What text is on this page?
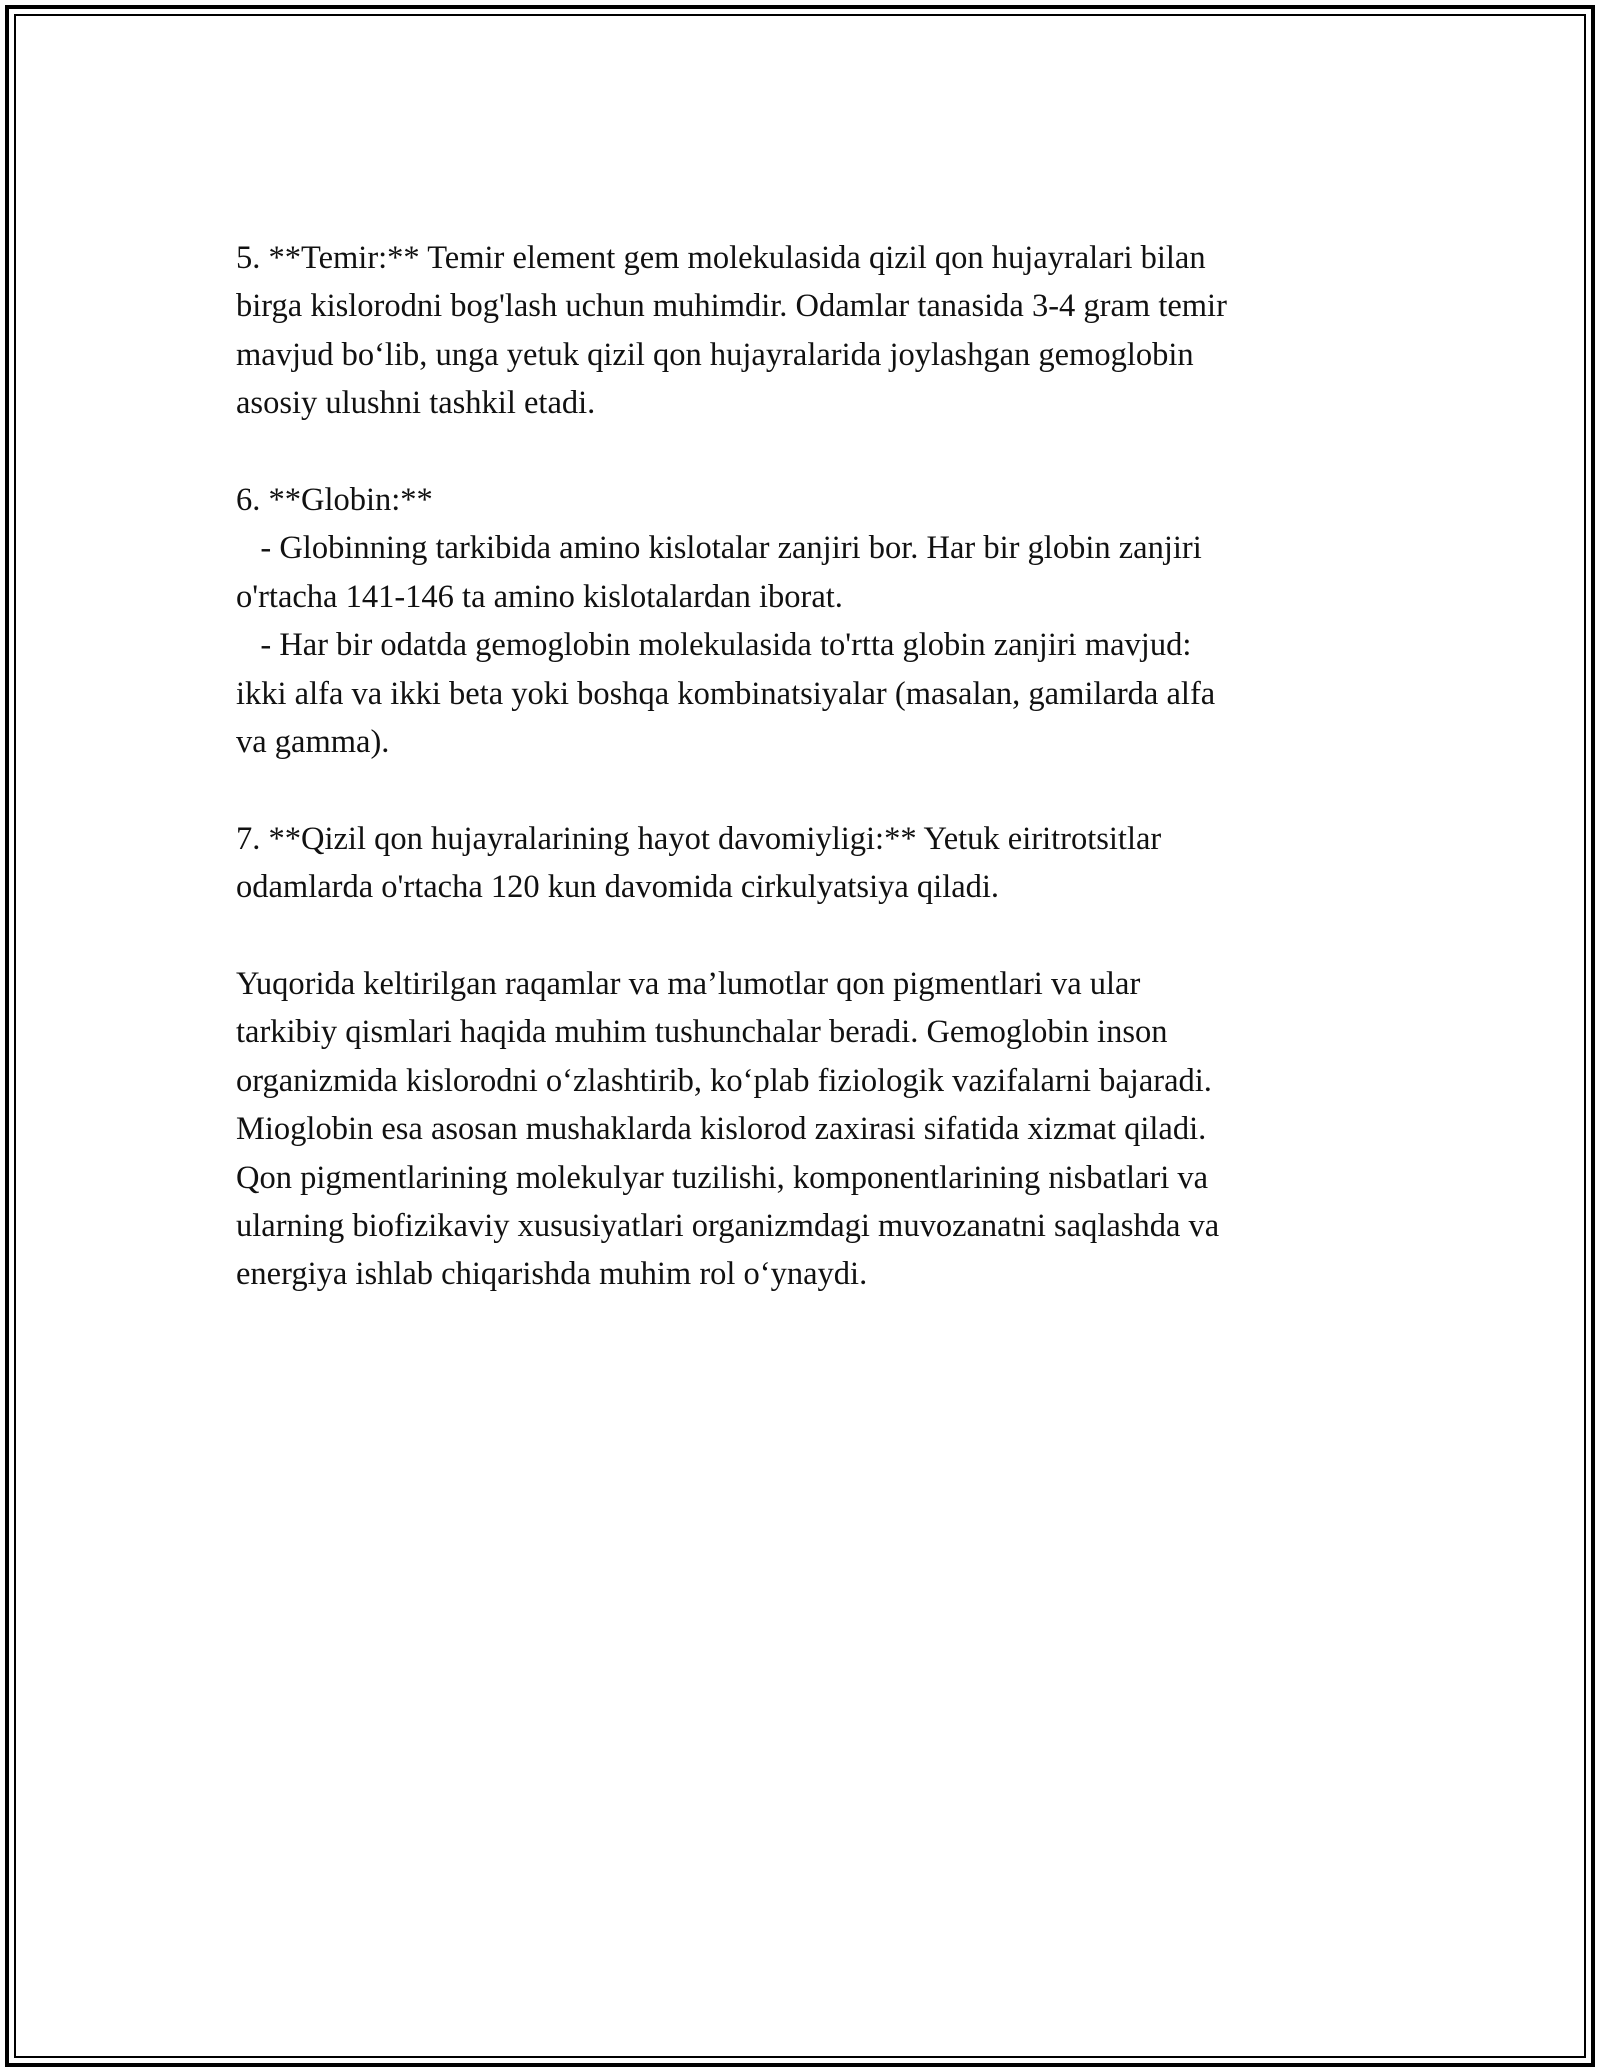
5. **Temir:** Temir element gem molekulasida qizil qon hujayralari bilan
birga kislorodni bog'lash uchun muhimdir. Odamlar tanasida 3-4 gram temir
mavjud bo‘lib, unga yetuk qizil qon hujayralarida joylashgan gemoglobin
asosiy ulushni tashkil etadi.
6. **Globin:**
- Globinning tarkibida amino kislotalar zanjiri bor. Har bir globin zanjiri
o'rtacha 141-146 ta amino kislotalardan iborat.
- Har bir odatda gemoglobin molekulasida to'rtta globin zanjiri mavjud:
ikki alfa va ikki beta yoki boshqa kombinatsiyalar (masalan, gamilarda alfa
va gamma).
7. **Qizil qon hujayralarining hayot davomiyligi:** Yetuk eiritrotsitlar
odamlarda o'rtacha 120 kun davomida cirkulyatsiya qiladi.
Yuqorida keltirilgan raqamlar va ma’lumotlar qon pigmentlari va ular
tarkibiy qismlari haqida muhim tushunchalar beradi. Gemoglobin inson
organizmida kislorodni o‘zlashtirib, ko‘plab fiziologik vazifalarni bajaradi.
Mioglobin esa asosan mushaklarda kislorod zaxirasi sifatida xizmat qiladi.
Qon pigmentlarining molekulyar tuzilishi, komponentlarining nisbatlari va
ularning biofizikaviy xususiyatlari organizmdagi muvozanatni saqlashda va
energiya ishlab chiqarishda muhim rol o‘ynaydi.
